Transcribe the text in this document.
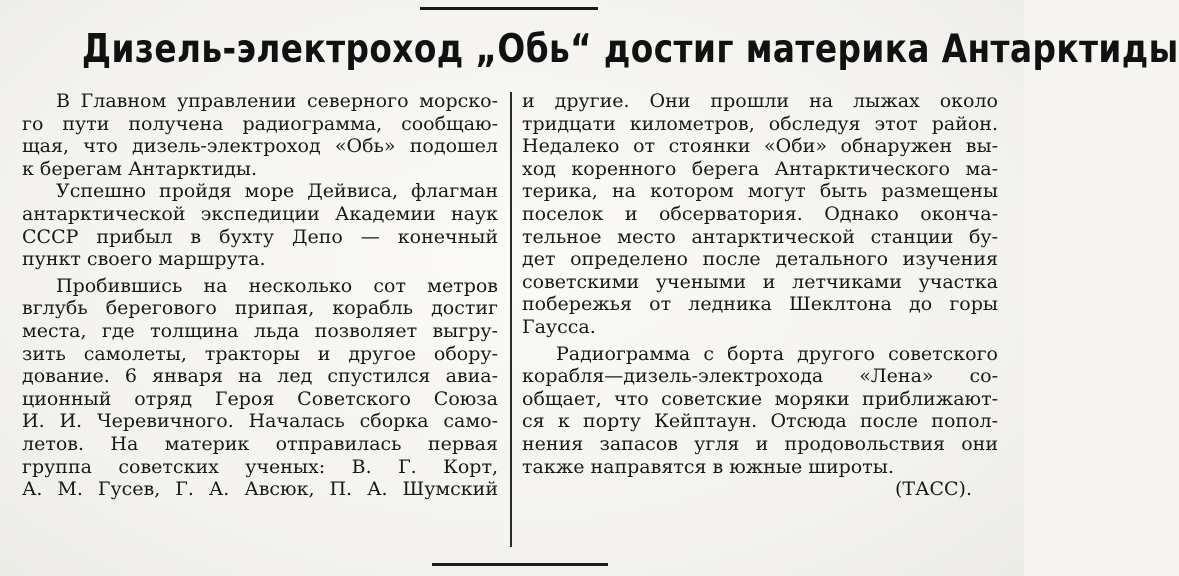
Дизель-электроход „Обь“ достиг материка Антарктиды
В Главном управлении северного морско-
го пути получена радиограмма, сообщаю-
щая, что дизель-электроход «Обь» подошел
к берегам Антарктиды.
Успешно пройдя море Дейвиса, флагман
антарктической экспедиции Академии наук
СССР прибыл в бухту Депо — конечный
пункт своего маршрута.
Пробившись на несколько сот метров
вглубь берегового припая, корабль достиг
места, где толщина льда позволяет выгру-
зить самолеты, тракторы и другое обору-
дование. 6 января на лед спустился авиа-
ционный отряд Героя Советского Союза
И. И. Черевичного. Началась сборка само-
летов. На материк отправилась первая
группа советских ученых: В. Г. Корт,
А. М. Гусев, Г. А. Авсюк, П. А. Шумский
и другие. Они прошли на лыжах около
тридцати километров, обследуя этот район.
Недалеко от стоянки «Оби» обнаружен вы-
ход коренного берега Антарктического ма-
терика, на котором могут быть размещены
поселок и обсерватория. Однако оконча-
тельное место антарктической станции бу-
дет определено после детального изучения
советскими учеными и летчиками участка
побережья от ледника Шеклтона до горы
Гаусса.
Радиограмма с борта другого советского
корабля—дизель-электрохода «Лена» со-
общает, что советские моряки приближают-
ся к порту Кейптаун. Отсюда после попол-
нения запасов угля и продовольствия они
также направятся в южные широты.
(ТАСС).
